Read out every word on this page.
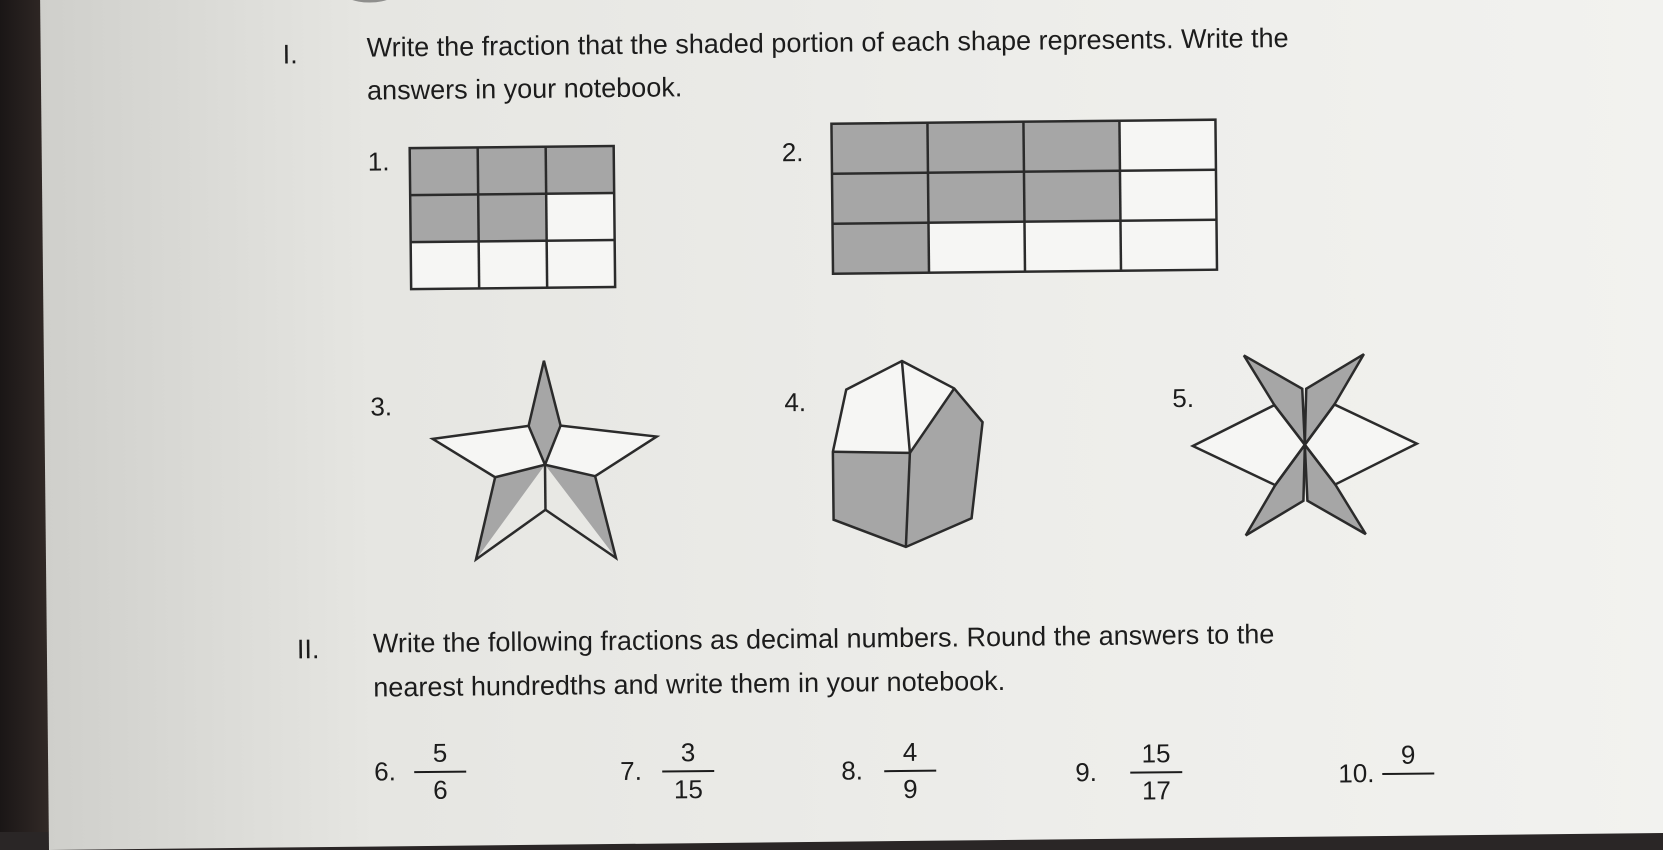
I.	Write the fraction that the shaded portion of each shape represents. Write the
answers in your notebook.
1.	2.
3.	4.	5.
II. Write the following fractions as decimal numbers. Round the answers to the
nearest hundredths and write them in your notebook.
6.
5
6
7.
3
15
8.
4
9
9.
15
17
10.
9
